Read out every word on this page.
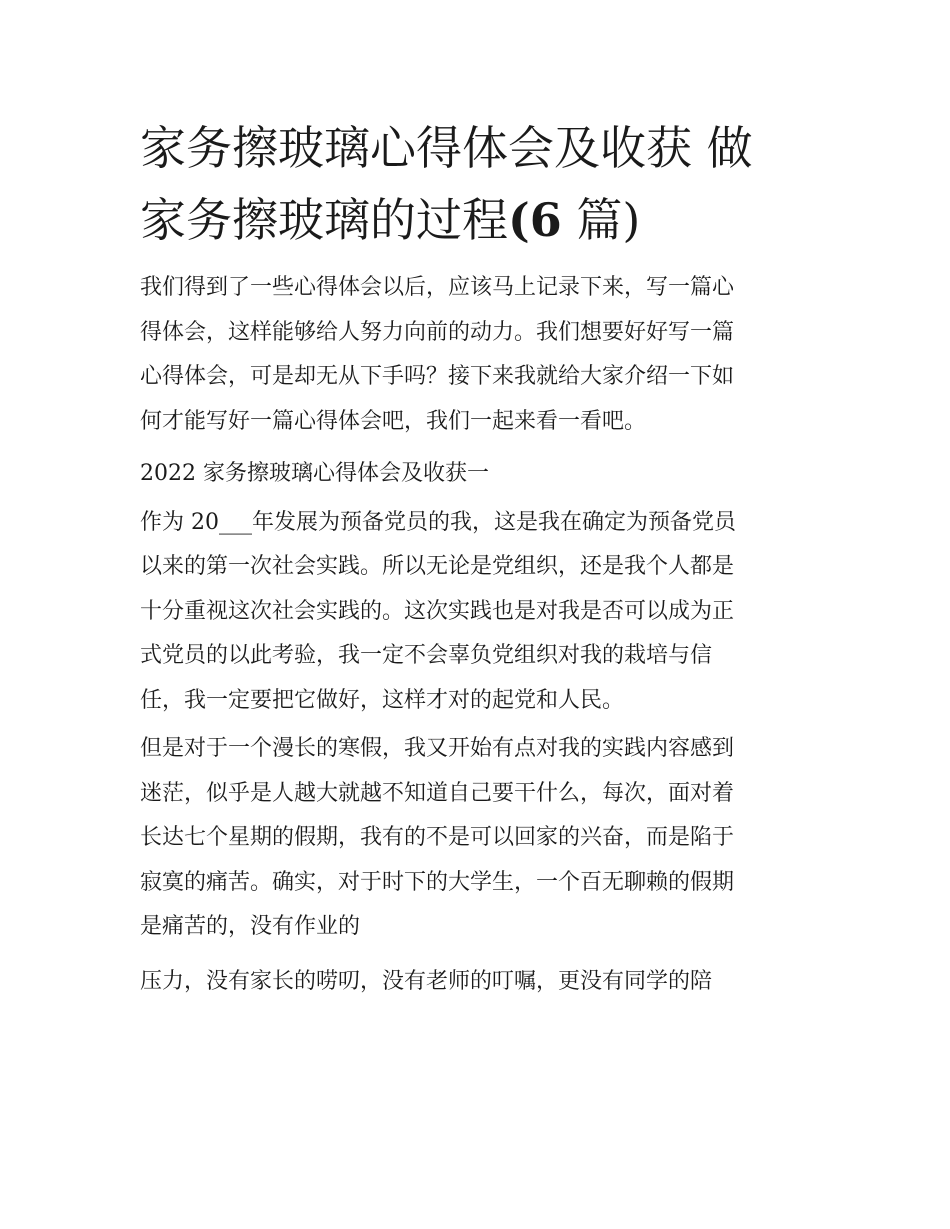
家务擦玻璃心得体会及收获 做
家务擦玻璃的过程(6 篇)

我们得到了一些心得体会以后，应该马上记录下来，写一篇心
得体会，这样能够给人努力向前的动力。我们想要好好写一篇
心得体会，可是却无从下手吗？接下来我就给大家介绍一下如
何才能写好一篇心得体会吧，我们一起来看一看吧。

2022 家务擦玻璃心得体会及收获一

作为 20___年发展为预备党员的我，这是我在确定为预备党员
以来的第一次社会实践。所以无论是党组织，还是我个人都是
十分重视这次社会实践的。这次实践也是对我是否可以成为正
式党员的以此考验，我一定不会辜负党组织对我的栽培与信
任，我一定要把它做好，这样才对的起党和人民。

但是对于一个漫长的寒假，我又开始有点对我的实践内容感到
迷茫，似乎是人越大就越不知道自己要干什么，每次，面对着
长达七个星期的假期，我有的不是可以回家的兴奋，而是陷于
寂寞的痛苦。确实，对于时下的大学生，一个百无聊赖的假期
是痛苦的，没有作业的

压力，没有家长的唠叨，没有老师的叮嘱，更没有同学的陪
